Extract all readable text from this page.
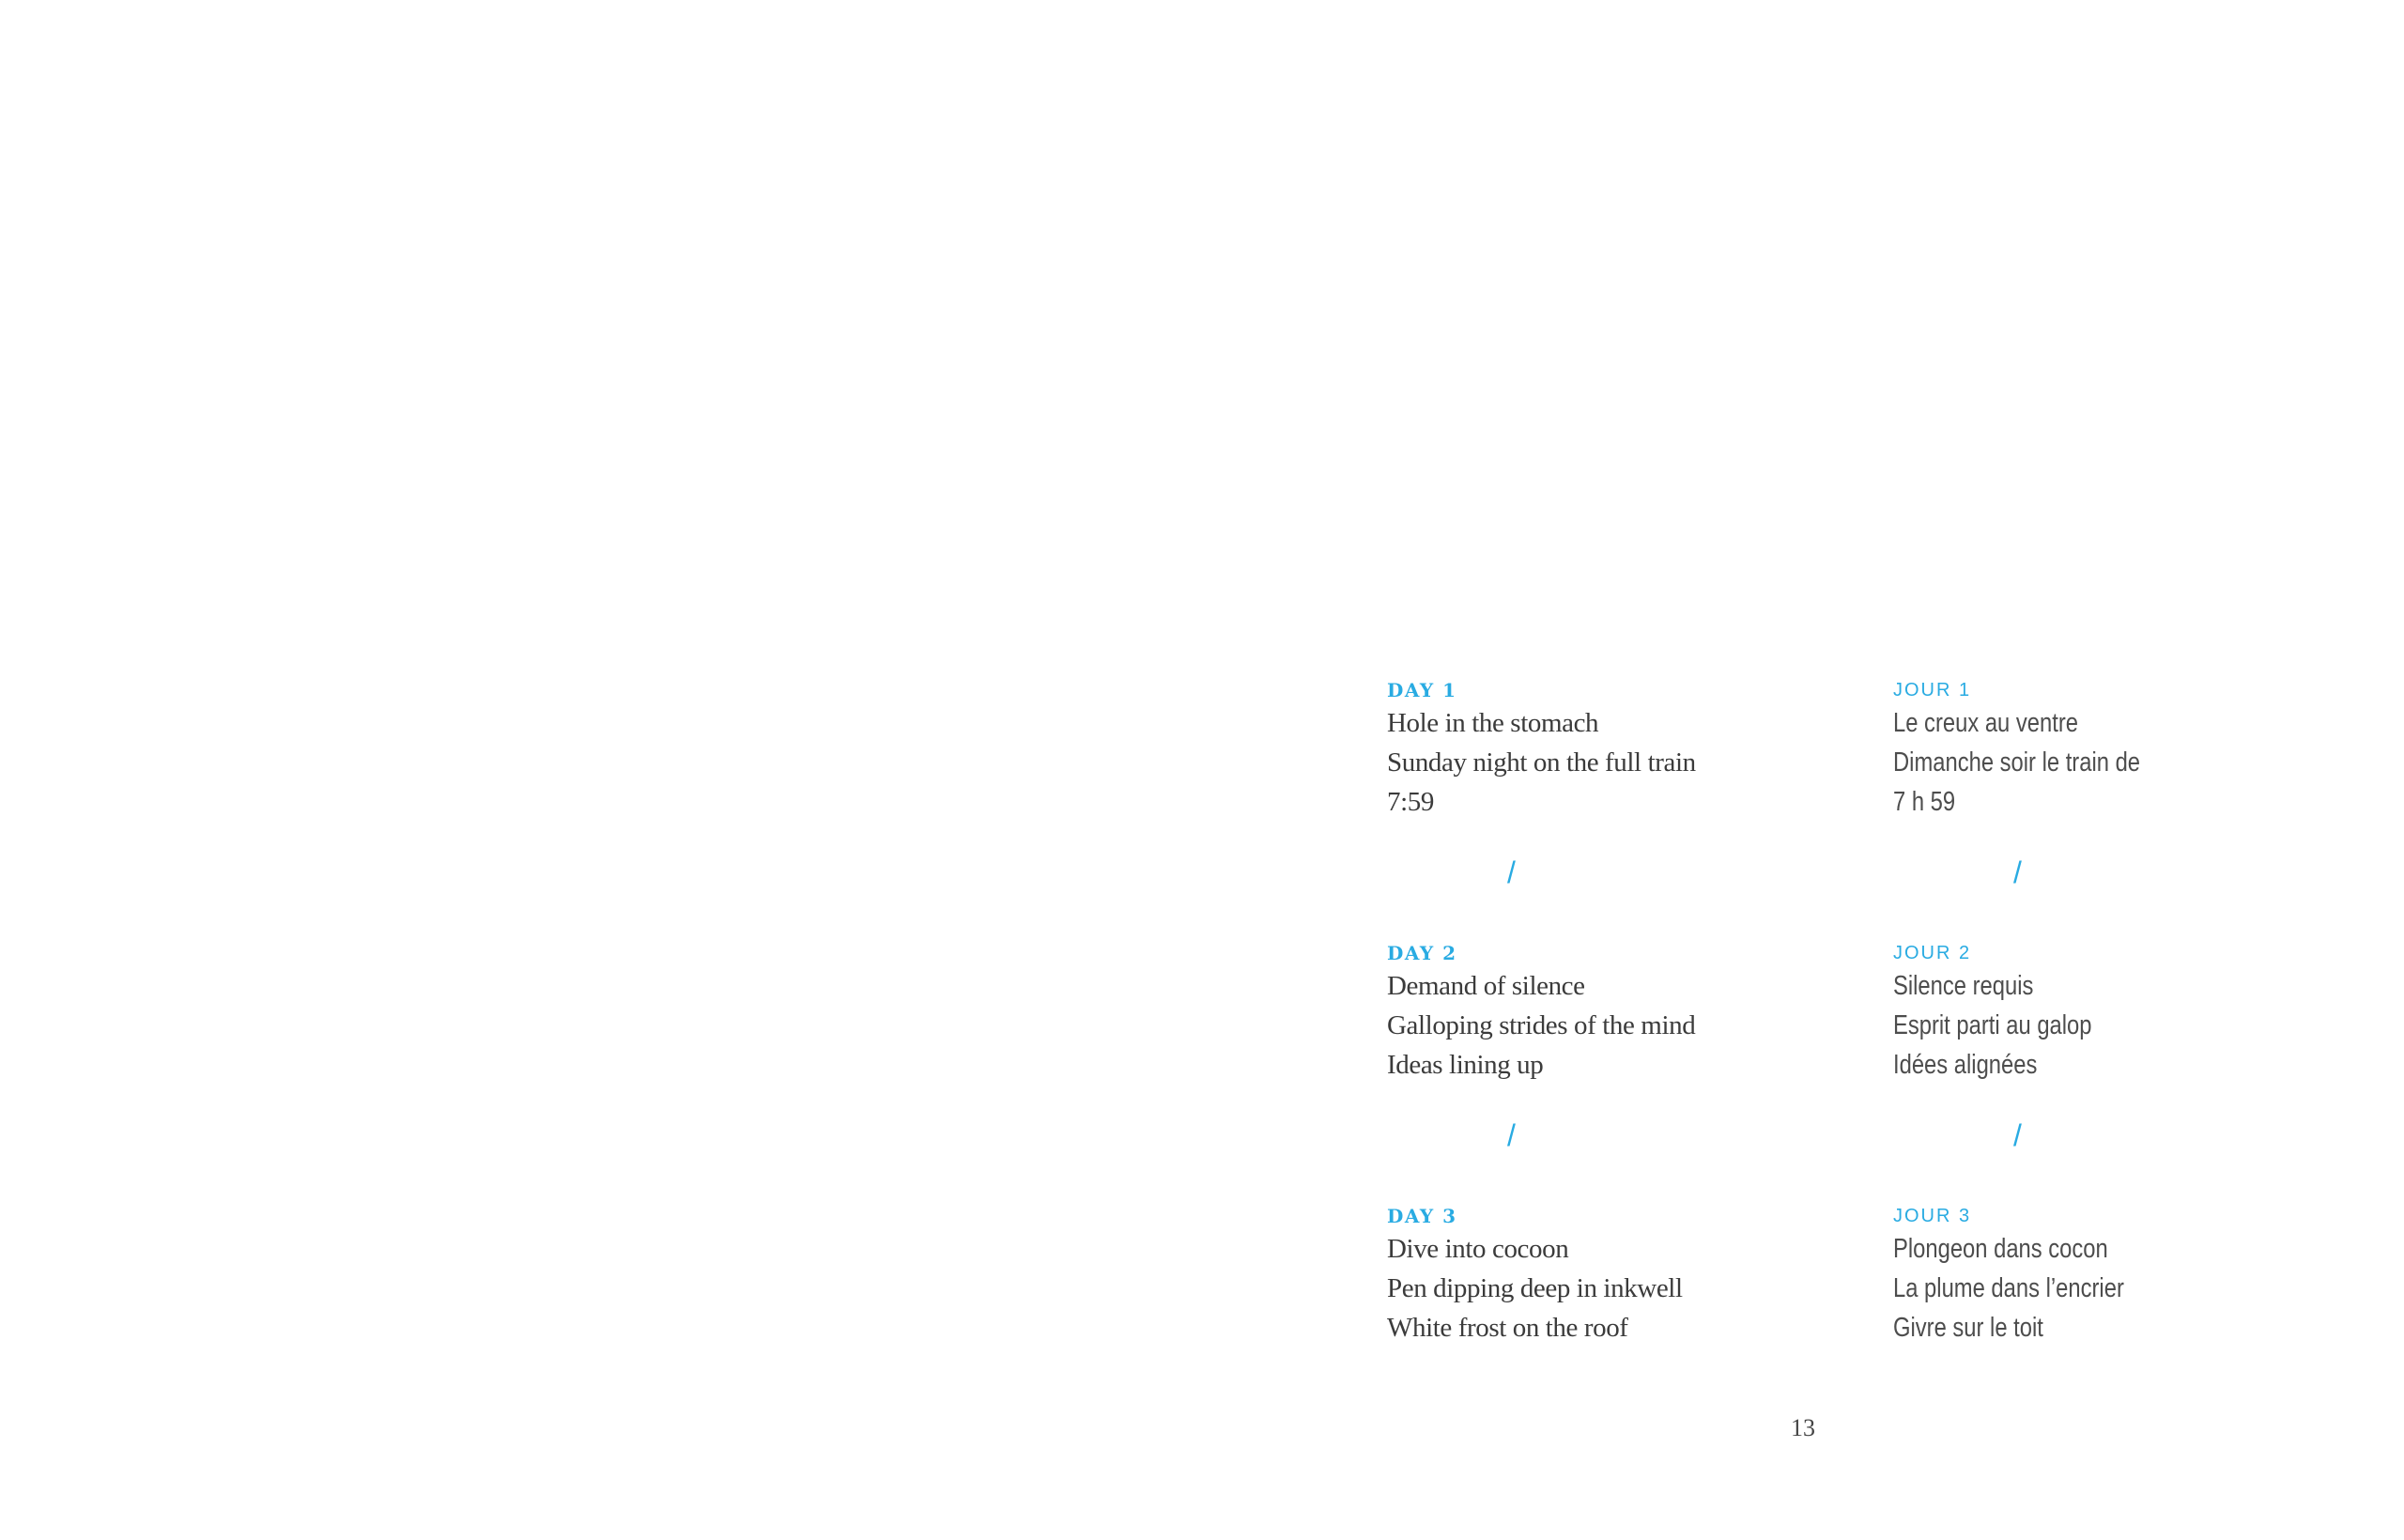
DAY 1
Hole in the stomach
Sunday night on the full train
7:59
/
DAY 2
Demand of silence
Galloping strides of the mind
Ideas lining up
/
DAY 3
Dive into cocoon
Pen dipping deep in inkwell
White frost on the roof
JOUR 1
Le creux au ventre
Dimanche soir le train de
7 h 59
/
JOUR 2
Silence requis
Esprit parti au galop
Idées alignées
/
JOUR 3
Plongeon dans cocon
La plume dans l’encrier
Givre sur le toit
13
